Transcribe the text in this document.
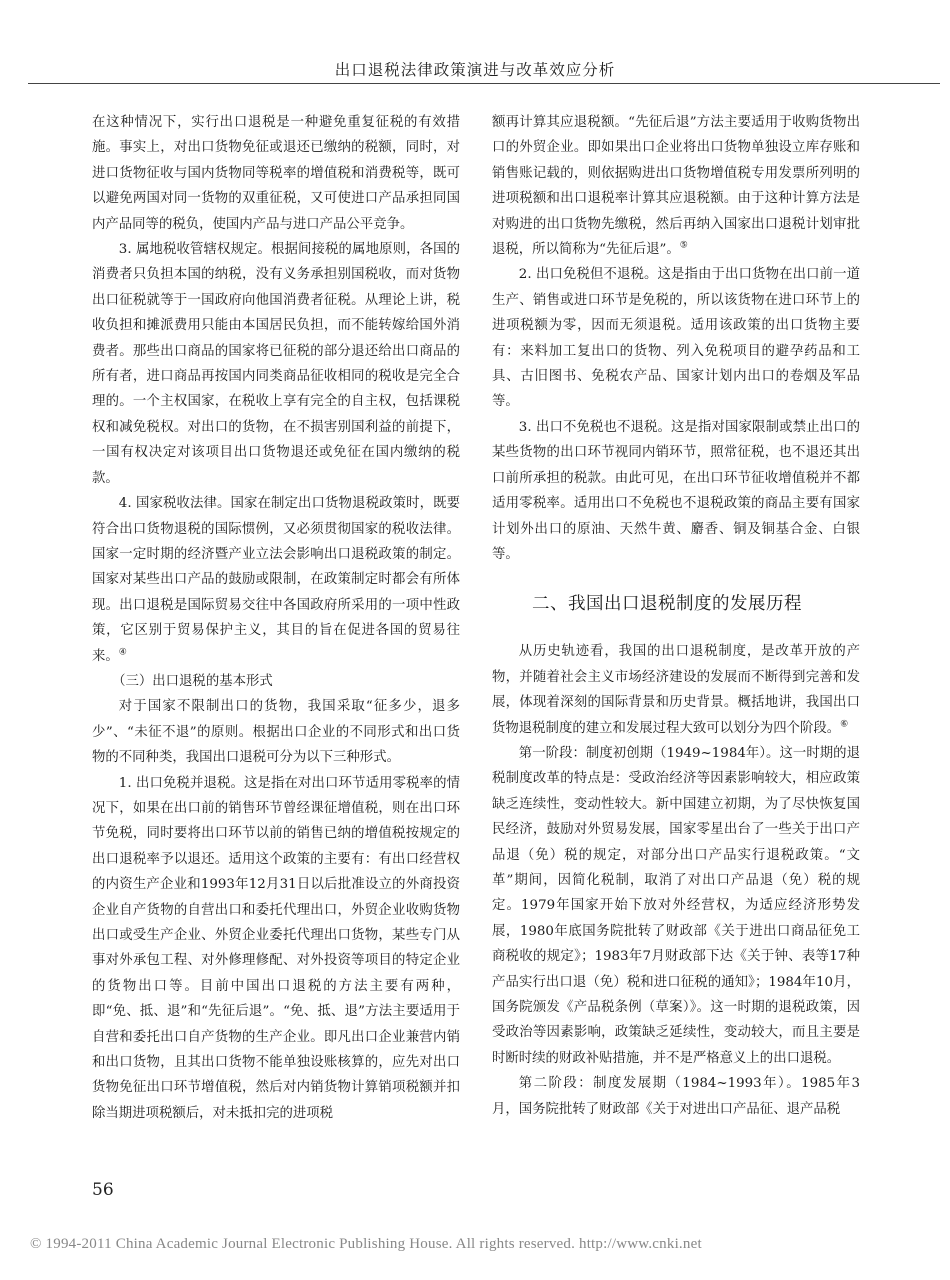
出口退税法律政策演进与改革效应分析

在这种情况下，实行出口退税是一种避免重复征税的有效措施。事实上，对出口货物免征或退还已缴纳的税额，同时，对进口货物征收与国内货物同等税率的增值税和消费税等，既可以避免两国对同一货物的双重征税，又可使进口产品承担同国内产品同等的税负，使国内产品与进口产品公平竞争。

3. 属地税收管辖权规定。根据间接税的属地原则，各国的消费者只负担本国的纳税，没有义务承担别国税收，而对货物出口征税就等于一国政府向他国消费者征税。从理论上讲，税收负担和摊派费用只能由本国居民负担，而不能转嫁给国外消费者。那些出口商品的国家将已征税的部分退还给出口商品的所有者，进口商品再按国内同类商品征收相同的税收是完全合理的。一个主权国家，在税收上享有完全的自主权，包括课税权和减免税权。对出口的货物，在不损害别国利益的前提下，一国有权决定对该项目出口货物退还或免征在国内缴纳的税款。

4. 国家税收法律。国家在制定出口货物退税政策时，既要符合出口货物退税的国际惯例，又必须贯彻国家的税收法律。国家一定时期的经济暨产业立法会影响出口退税政策的制定。国家对某些出口产品的鼓励或限制，在政策制定时都会有所体现。出口退税是国际贸易交往中各国政府所采用的一项中性政策，它区别于贸易保护主义，其目的旨在促进各国的贸易往来。④

（三）出口退税的基本形式

对于国家不限制出口的货物，我国采取“征多少，退多少”、“未征不退”的原则。根据出口企业的不同形式和出口货物的不同种类，我国出口退税可分为以下三种形式。

1. 出口免税并退税。这是指在对出口环节适用零税率的情况下，如果在出口前的销售环节曾经课征增值税，则在出口环节免税，同时要将出口环节以前的销售已纳的增值税按规定的出口退税率予以退还。适用这个政策的主要有：有出口经营权的内资生产企业和1993年12月31日以后批准设立的外商投资企业自产货物的自营出口和委托代理出口，外贸企业收购货物出口或受生产企业、外贸企业委托代理出口货物，某些专门从事对外承包工程、对外修理修配、对外投资等项目的特定企业的货物出口等。目前中国出口退税的方法主要有两种，即“免、抵、退”和“先征后退”。“免、抵、退”方法主要适用于自营和委托出口自产货物的生产企业。即凡出口企业兼营内销和出口货物，且其出口货物不能单独设账核算的，应先对出口货物免征出口环节增值税，然后对内销货物计算销项税额并扣除当期进项税额后，对未抵扣完的进项税

额再计算其应退税额。“先征后退”方法主要适用于收购货物出口的外贸企业。即如果出口企业将出口货物单独设立库存账和销售账记载的，则依据购进出口货物增值税专用发票所列明的进项税额和出口退税率计算其应退税额。由于这种计算方法是对购进的出口货物先缴税，然后再纳入国家出口退税计划审批退税，所以简称为“先征后退”。⑤

2. 出口免税但不退税。这是指由于出口货物在出口前一道生产、销售或进口环节是免税的，所以该货物在进口环节上的进项税额为零，因而无须退税。适用该政策的出口货物主要有：来料加工复出口的货物、列入免税项目的避孕药品和工具、古旧图书、免税农产品、国家计划内出口的卷烟及军品等。

3. 出口不免税也不退税。这是指对国家限制或禁止出口的某些货物的出口环节视同内销环节，照常征税，也不退还其出口前所承担的税款。由此可见，在出口环节征收增值税并不都适用零税率。适用出口不免税也不退税政策的商品主要有国家计划外出口的原油、天然牛黄、麝香、铜及铜基合金、白银等。

二、我国出口退税制度的发展历程

从历史轨迹看，我国的出口退税制度，是改革开放的产物，并随着社会主义市场经济建设的发展而不断得到完善和发展，体现着深刻的国际背景和历史背景。概括地讲，我国出口货物退税制度的建立和发展过程大致可以划分为四个阶段。⑥

第一阶段：制度初创期（1949~1984年）。这一时期的退税制度改革的特点是：受政治经济等因素影响较大，相应政策缺乏连续性，变动性较大。新中国建立初期，为了尽快恢复国民经济，鼓励对外贸易发展，国家零星出台了一些关于出口产品退（免）税的规定，对部分出口产品实行退税政策。“文革”期间，因简化税制，取消了对出口产品退（免）税的规定。1979年国家开始下放对外经营权，为适应经济形势发展，1980年底国务院批转了财政部《关于进出口商品征免工商税收的规定》；1983年7月财政部下达《关于钟、表等17种产品实行出口退（免）税和进口征税的通知》；1984年10月，国务院颁发《产品税条例（草案）》。这一时期的退税政策，因受政治等因素影响，政策缺乏延续性，变动较大，而且主要是时断时续的财政补贴措施，并不是严格意义上的出口退税。

第二阶段：制度发展期（1984~1993年）。1985年3月，国务院批转了财政部《关于对进出口产品征、退产品税

56
© 1994-2011 China Academic Journal Electronic Publishing House. All rights reserved. http://www.cnki.net
